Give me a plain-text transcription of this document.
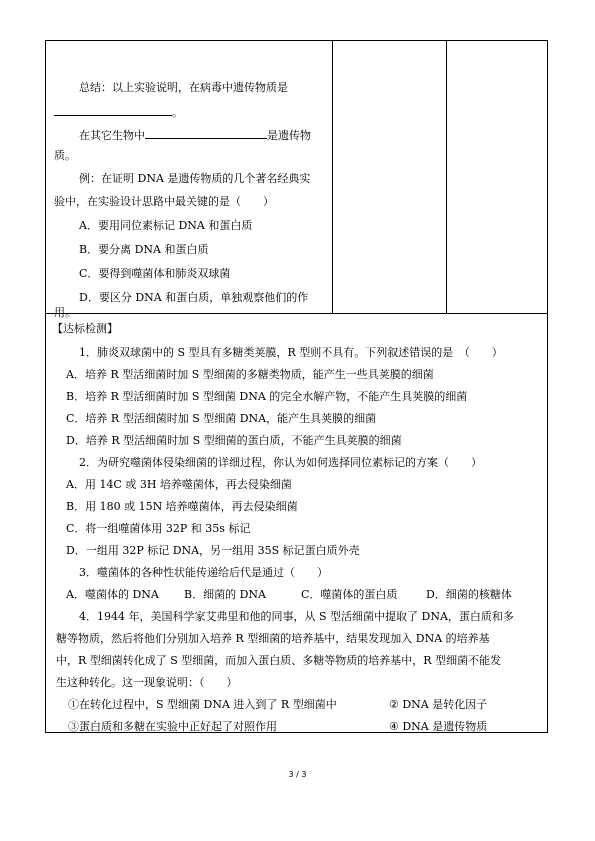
总结：以上实验说明，在病毒中遗传物质是
。
在其它生物中	是遗传物
质。
例：在证明 DNA 是遗传物质的几个著名经典实
验中，在实验设计思路中最关键的是（　　）
A．要用同位素标记 DNA 和蛋白质
B．要分离 DNA 和蛋白质
C．要得到噬菌体和肺炎双球菌
D．要区分 DNA 和蛋白质，单独观察他们的作
用。
【达标检测】
1．肺炎双球菌中的 S 型具有多糖类荚膜，R 型则不具有。下列叙述错误的是　（　　）
A．培养 R 型活细菌时加 S 型细菌的多糖类物质，能产生一些具荚膜的细菌
B．培养 R 型活细菌时加 S 型细菌 DNA 的完全水解产物，不能产生具荚膜的细菌
C．培养 R 型活细菌时加 S 型细菌 DNA，能产生具荚膜的细菌
D．培养 R 型活细菌时加 S 型细菌的蛋白质，不能产生具荚膜的细菌
2．为研究噬菌体侵染细菌的详细过程，你认为如何选择同位素标记的方案（　　）
A．用 14C 或 3H 培养噬菌体，再去侵染细菌
B．用 180 或 15N 培养噬菌体，再去侵染细菌
C．将一组噬菌体用 32P 和 35s 标记
D．一组用 32P 标记 DNA，另一组用 35S 标记蛋白质外壳
3．噬菌体的各种性状能传递给后代是通过（　　）
A．噬菌体的 DNA B．细菌的 DNA	C．噬菌体的蛋白质	D．细菌的核糖体
4．1944 年，美国科学家艾弗里和他的同事，从 S 型活细菌中提取了 DNA，蛋白质和多
糖等物质，然后将他们分别加入培养 R 型细菌的培养基中，结果发现加入 DNA 的培养基
中，R 型细菌转化成了 S 型细菌，而加入蛋白质、多糖等物质的培养基中，R 型细菌不能发
生这种转化。这一现象说明：（　　）
①在转化过程中，S 型细菌 DNA 进入到了 R 型细菌中	② DNA 是转化因子
③蛋白质和多糖在实验中正好起了对照作用	④ DNA 是遗传物质
3 / 3
